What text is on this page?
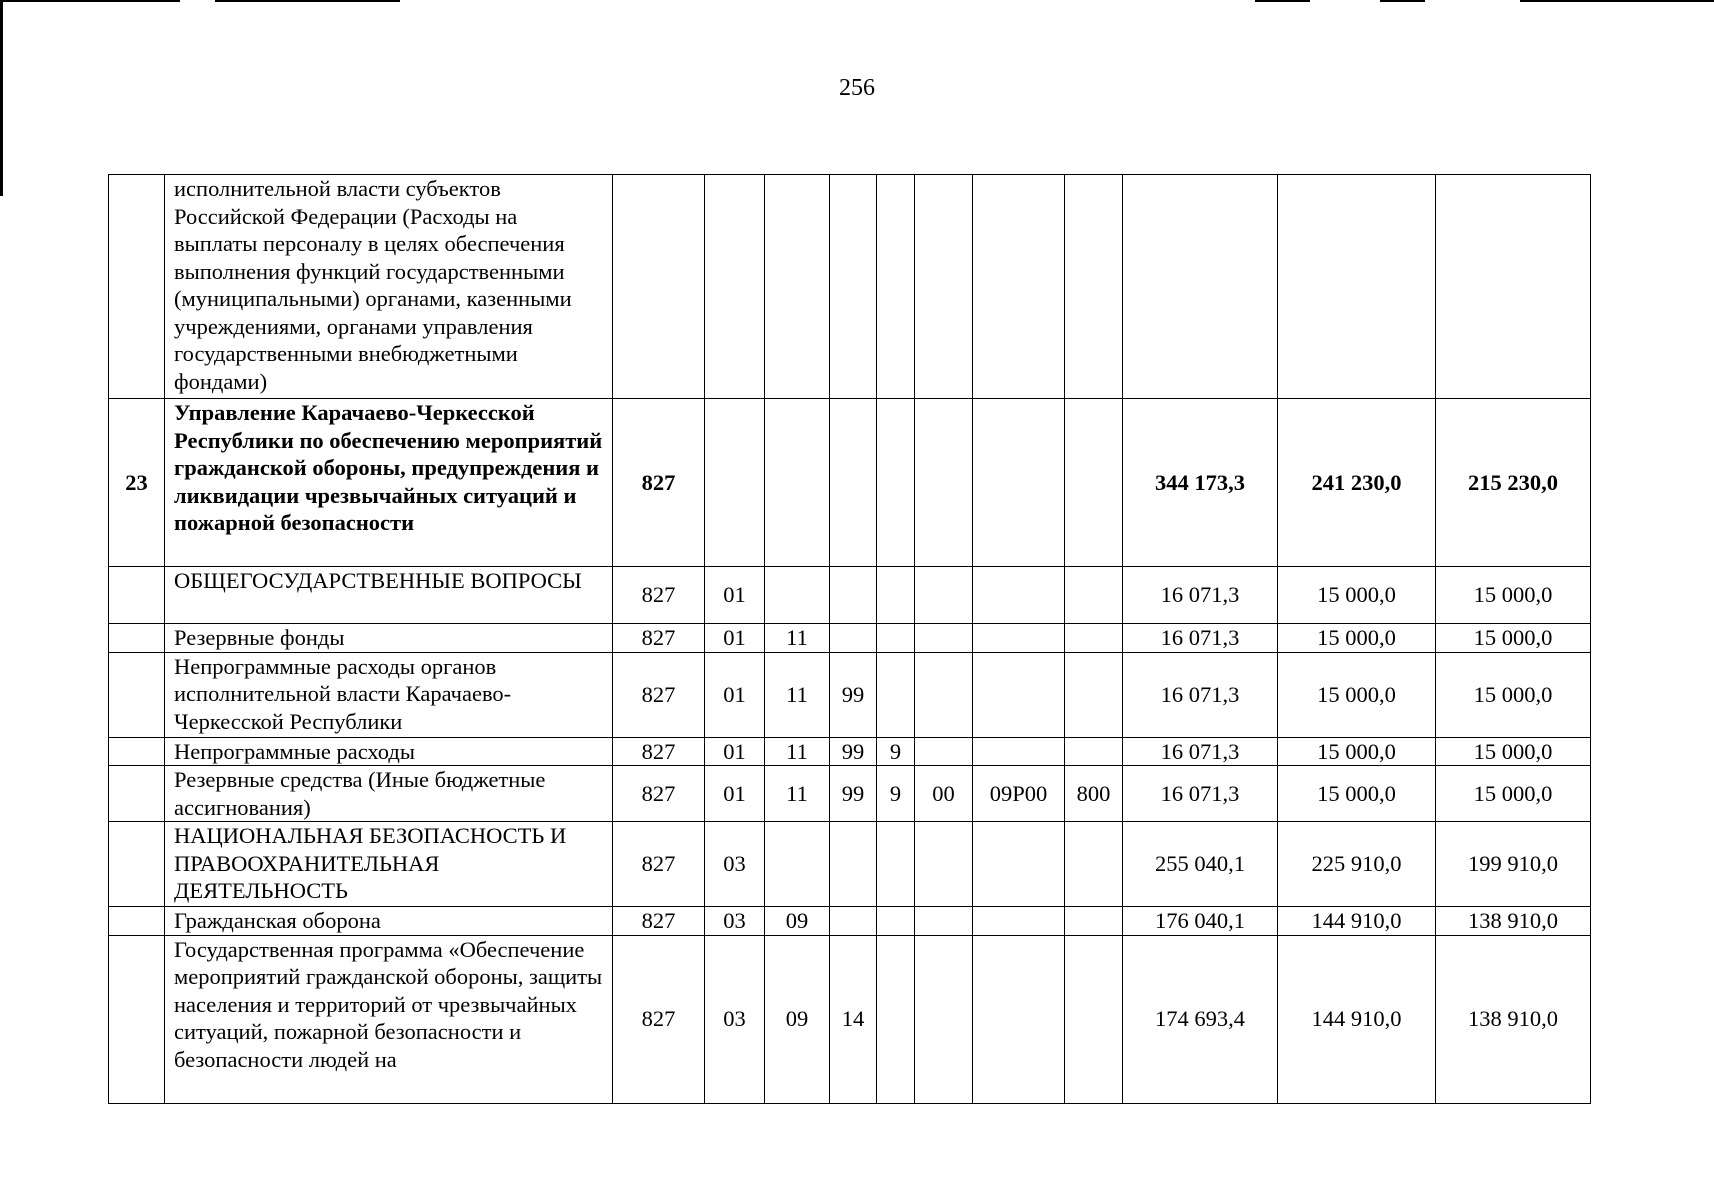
256
	исполнительной власти субъектов Российской Федерации (Расходы на выплаты персоналу в целях обеспечения выполнения функций государственными (муниципальными) органами, казенными учреждениями, органами управления государственными внебюджетными фондами)											
23	Управление Карачаево-Черкесской Республики по обеспечению мероприятий гражданской обороны, предупреждения и ликвидации чрезвычайных ситуаций и пожарной безопасности	827								344 173,3	241 230,0	215 230,0
	ОБЩЕГОСУДАРСТВЕННЫЕ ВОПРОСЫ	827	01							16 071,3	15 000,0	15 000,0
	Резервные фонды	827	01	11						16 071,3	15 000,0	15 000,0
	Непрограммные расходы органов исполнительной власти Карачаево-Черкесской Республики	827	01	11	99					16 071,3	15 000,0	15 000,0
	Непрограммные расходы	827	01	11	99	9				16 071,3	15 000,0	15 000,0
	Резервные средства (Иные бюджетные ассигнования)	827	01	11	99	9	00	09Р00	800	16 071,3	15 000,0	15 000,0
	НАЦИОНАЛЬНАЯ БЕЗОПАСНОСТЬ И ПРАВООХРАНИТЕЛЬНАЯ ДЕЯТЕЛЬНОСТЬ	827	03							255 040,1	225 910,0	199 910,0
	Гражданская оборона	827	03	09						176 040,1	144 910,0	138 910,0
	Государственная программа «Обеспечение мероприятий гражданской обороны, защиты населения и территорий от чрезвычайных ситуаций, пожарной безопасности и безопасности людей на	827	03	09	14					174 693,4	144 910,0	138 910,0
